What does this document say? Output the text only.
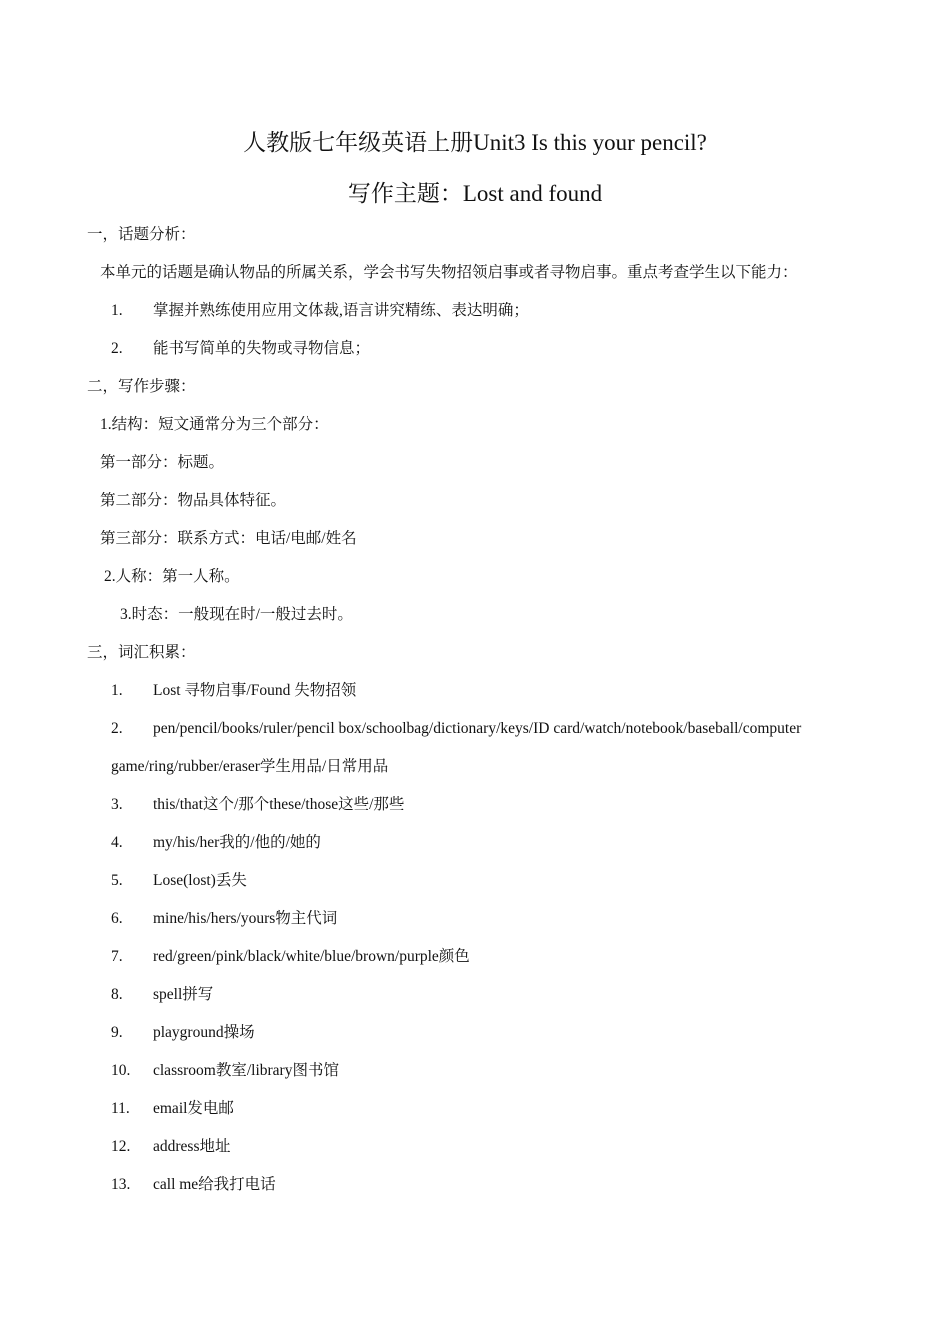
人教版七年级英语上册Unit3 Is this your pencil?
写作主题：Lost and found
一，话题分析：
本单元的话题是确认物品的所属关系，学会书写失物招领启事或者寻物启事。重点考查学生以下能力：
1. 掌握并熟练使用应用文体裁,语言讲究精练、表达明确；
2. 能书写简单的失物或寻物信息；
二，写作步骤：
1.结构：短文通常分为三个部分：
第一部分：标题。
第二部分：物品具体特征。
第三部分：联系方式：电话/电邮/姓名
2.人称：第一人称。
3.时态：一般现在时/一般过去时。
三，词汇积累：
1. Lost 寻物启事/Found 失物招领
2. pen/pencil/books/ruler/pencil box/schoolbag/dictionary/keys/ID card/watch/notebook/baseball/computer
game/ring/rubber/eraser学生用品/日常用品
3. this/that这个/那个these/those这些/那些
4. my/his/her我的/他的/她的
5. Lose(lost)丢失
6. mine/his/hers/yours物主代词
7. red/green/pink/black/white/blue/brown/purple颜色
8. spell拼写
9. playground操场
10. classroom教室/library图书馆
11. email发电邮
12. address地址
13. call me给我打电话
